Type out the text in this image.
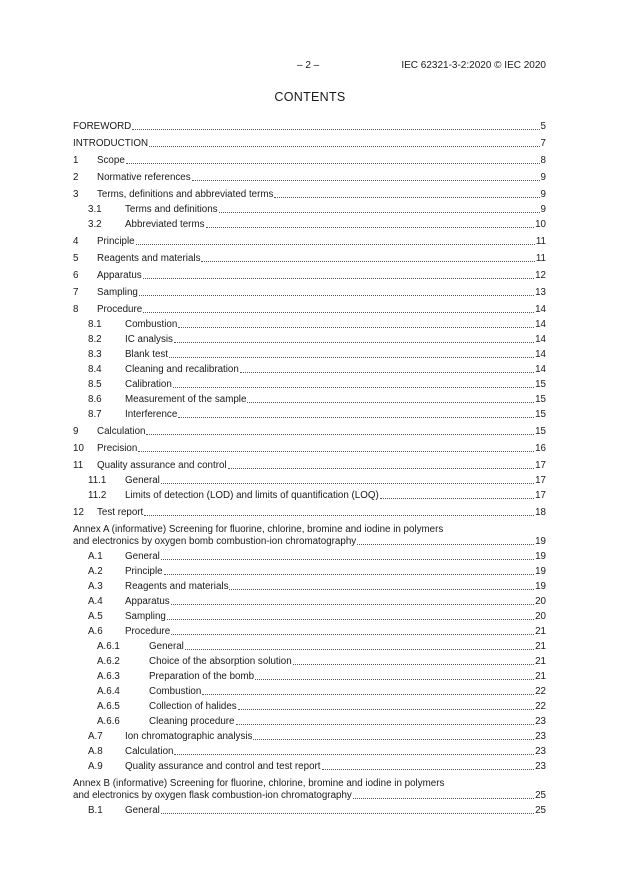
– 2 –	IEC 62321-3-2:2020 © IEC 2020
CONTENTS
FOREWORD	5
INTRODUCTION	7
1	Scope	8
2	Normative references	9
3	Terms, definitions and abbreviated terms	9
3.1	Terms and definitions	9
3.2	Abbreviated terms	10
4	Principle	11
5	Reagents and materials	11
6	Apparatus	12
7	Sampling	13
8	Procedure	14
8.1	Combustion	14
8.2	IC analysis	14
8.3	Blank test	14
8.4	Cleaning and recalibration	14
8.5	Calibration	15
8.6	Measurement of the sample	15
8.7	Interference	15
9	Calculation	15
10	Precision	16
11	Quality assurance and control	17
11.1	General	17
11.2	Limits of detection (LOD) and limits of quantification (LOQ)	17
12	Test report	18
Annex A (informative) Screening for fluorine, chlorine, bromine and iodine in polymers
and electronics by oxygen bomb combustion-ion chromatography	19
A.1	General	19
A.2	Principle	19
A.3	Reagents and materials	19
A.4	Apparatus	20
A.5	Sampling	20
A.6	Procedure	21
A.6.1	General	21
A.6.2	Choice of the absorption solution	21
A.6.3	Preparation of the bomb	21
A.6.4	Combustion	22
A.6.5	Collection of halides	22
A.6.6	Cleaning procedure	23
A.7	Ion chromatographic analysis	23
A.8	Calculation	23
A.9	Quality assurance and control and test report	23
Annex B (informative) Screening for fluorine, chlorine, bromine and iodine in polymers
and electronics by oxygen flask combustion-ion chromatography	25
B.1	General	25
